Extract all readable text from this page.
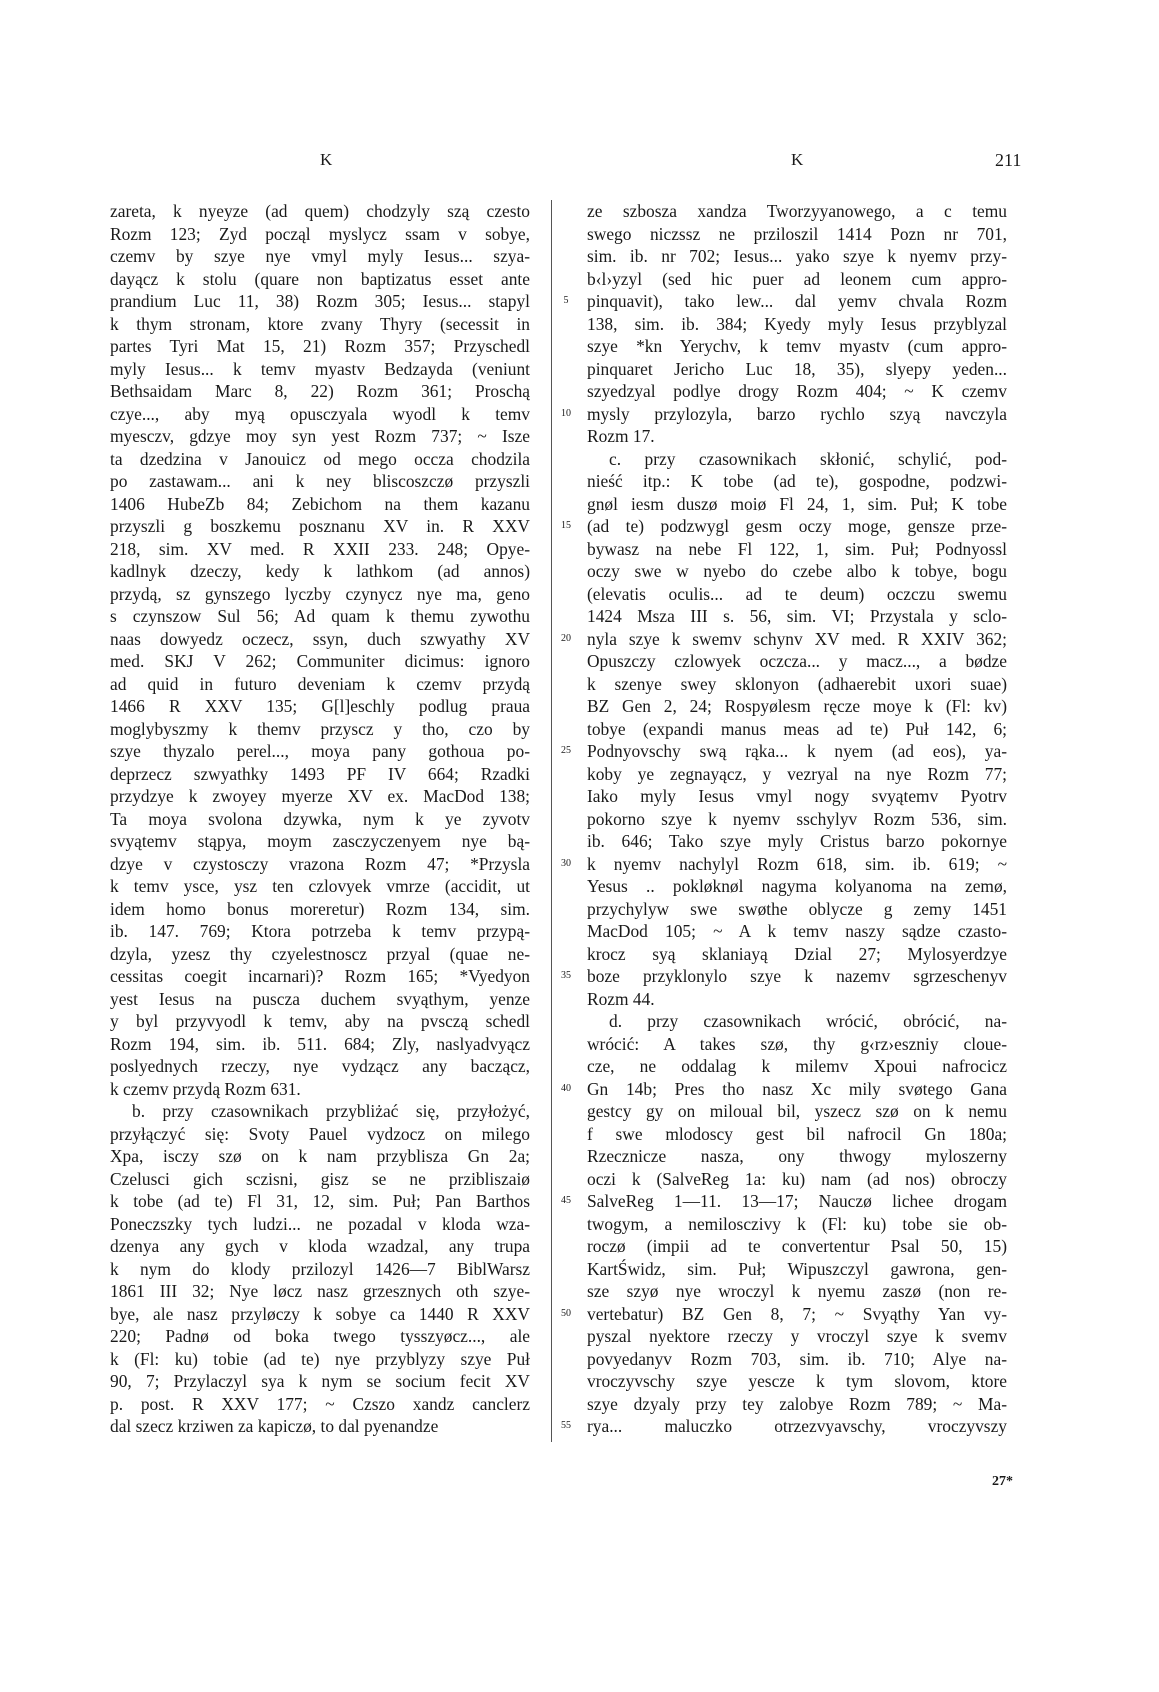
K	K	211
zareta, k nyeyze (ad quem) chodzyly szą czesto
Rozm 123; Zyd począl myslycz ssam v sobye,
czemv by szye nye vmyl myly Iesus... szya-
dayącz k stolu (quare non baptizatus esset ante
prandium Luc 11, 38) Rozm 305; Iesus... stapyl
k thym stronam, ktore zvany Thyry (secessit in
partes Tyri Mat 15, 21) Rozm 357; Przyschedl
myly Iesus... k temv myastv Bedzayda (veniunt
Bethsaidam Marc 8, 22) Rozm 361; Proschą
czye..., aby myą opusczyala wyodl k temv
myesczv, gdzye moy syn yest Rozm 737; ~ Isze
ta dzedzina v Janouicz od mego occza chodzila
po zastawam... ani k ney bliscoszczø przyszli
1406 HubeZb 84; Zebichom na them kazanu
przyszli g boszkemu posznanu XV in. R XXV
218, sim. XV med. R XXII 233. 248; Opye-
kadlnyk dzeczy, kedy k lathkom (ad annos)
przydą, sz gynszego lyczby czynycz nye ma, geno
s czynszow Sul 56; Ad quam k themu zywothu
naas dowyedz oczecz, ssyn, duch szwyathy XV
med. SKJ V 262; Communiter dicimus: ignoro
ad quid in futuro deveniam k czemv przydą
1466 R XXV 135; G[l]eschly podlug praua
moglybyszmy k themv przyscz y tho, czo by
szye thyzalo perel..., moya pany gothoua po-
deprzecz szwyathky 1493 PF IV 664; Rzadki
przydzye k zwoyey myerze XV ex. MacDod 138;
Ta moya svolona dzywka, nym k ye zyvotv
svyątemv stąpya, moym zasczyczenyem nye bą-
dzye v czystosczy vrazona Rozm 47; *Przysla
k temv ysce, ysz ten czlovyek vmrze (accidit, ut
idem homo bonus moreretur) Rozm 134, sim.
ib. 147. 769; Ktora potrzeba k temv przypą-
dzyla, yzesz thy czyelestnoscz przyal (quae ne-
cessitas coegit incarnari)? Rozm 165; *Vyedyon
yest Iesus na puscza duchem svyąthym, yenze
y byl przyvyodl k temv, aby na pvsczą schedl
Rozm 194, sim. ib. 511. 684; Zly, naslyadvyącz
poslyednych rzeczy, nye vydzącz any baczącz,
k czemv przydą Rozm 631.
b. przy czasownikach przybliżać się, przyłożyć,
przyłączyć się: Svoty Pauel vydzocz on milego
Xpa, isczy szø on k nam przyblisza Gn 2a;
Czelusci gich sczisni, gisz se ne przibliszaiø
k tobe (ad te) Fl 31, 12, sim. Puł; Pan Barthos
Poneczszky tych ludzi... ne pozadal v kloda wza-
dzenya any gych v kloda wzadzal, any trupa
k nym do klody przilozyl 1426—7 BiblWarsz
1861 III 32; Nye løcz nasz grzesznych oth szye-
bye, ale nasz przyløczy k sobye ca 1440 R XXV
220; Padnø od boka twego tysszyøcz..., ale
k (Fl: ku) tobie (ad te) nye przyblyzy szye Puł
90, 7; Przylaczyl sya k nym se socium fecit XV
p. post. R XXV 177; ~ Czszo xandz canclerz
dal szecz krziwen za kapiczø, to dal pyenandze
5
10
15
20
25
30
35
40
45
50
55
ze szbosza xandza Tworzyyanowego, a c temu
swego niczssz ne prziloszil 1414 Pozn nr 701,
sim. ib. nr 702; Iesus... yako szye k nyemv przy-
b‹l›yzyl (sed hic puer ad leonem cum appro-
pinquavit), tako lew... dal yemv chvala Rozm
138, sim. ib. 384; Kyedy myly Iesus przyblyzal
szye *kn Yerychv, k temv myastv (cum appro-
pinquaret Jericho Luc 18, 35), slyepy yeden...
szyedzyal podlye drogy Rozm 404; ~ K czemv
mysly przylozyla, barzo rychlo szyą navczyla
Rozm 17.
c. przy czasownikach skłonić, schylić, pod-
nieść itp.: K tobe (ad te), gospodne, podzwi-
gnøl iesm duszø moiø Fl 24, 1, sim. Puł; K tobe
(ad te) podzwygl gesm oczy moge, gensze prze-
bywasz na nebe Fl 122, 1, sim. Puł; Podnyossl
oczy swe w nyebo do czebe albo k tobye, bogu
(elevatis oculis... ad te deum) oczczu swemu
1424 Msza III s. 56, sim. VI; Przystala y sclo-
nyla szye k swemv schynv XV med. R XXIV 362;
Opuszczy czlowyek oczcza... y macz..., a bødze
k szenye swey sklonyon (adhaerebit uxori suae)
BZ Gen 2, 24; Rospyølesm ręcze moye k (Fl: kv)
tobye (expandi manus meas ad te) Puł 142, 6;
Podnyovschy swą rąka... k nyem (ad eos), ya-
koby ye zegnayącz, y vezryal na nye Rozm 77;
Iako myly Iesus vmyl nogy svyątemv Pyotrv
pokorno szye k nyemv sschylyv Rozm 536, sim.
ib. 646; Tako szye myly Cristus barzo pokornye
k nyemv nachylyl Rozm 618, sim. ib. 619; ~
Yesus .. pokløknøl nagyma kolyanoma na zemø,
przychylyw swe swøthe oblycze g zemy 1451
MacDod 105; ~ A k temv naszy sądze czasto-
krocz syą sklaniayą Dzial 27; Mylosyerdzye
boze przyklonylo szye k nazemv sgrzeschenyv
Rozm 44.
d. przy czasownikach wrócić, obrócić, na-
wrócić: A takes szø, thy g‹rz›eszniy cloue-
cze, ne oddalag k milemv Xpoui nafrocicz
Gn 14b; Pres tho nasz Xc mily svøtego Gana
gestcy gy on miloual bil, yszecz szø on k nemu
f swe mlodoscy gest bil nafrocil Gn 180a;
Rzecznicze nasza, ony thwogy myloszerny
oczi k (SalveReg 1a: ku) nam (ad nos) obroczy
SalveReg 1—11. 13—17; Nauczø lichee drogam
twogym, a nemilosczivy k (Fl: ku) tobe sie ob-
roczø (impii ad te convertentur Psal 50, 15)
KartŚwidz, sim. Puł; Wipuszczyl gawrona, gen-
sze szyø nye wroczyl k nyemu zaszø (non re-
vertebatur) BZ Gen 8, 7; ~ Svyąthy Yan vy-
pyszal nyektore rzeczy y vroczyl szye k svemv
povyedanyv Rozm 703, sim. ib. 710; Alye na-
vroczyvschy szye yescze k tym slovom, ktore
szye dzyaly przy tey zalobye Rozm 789; ~ Ma-
rya... maluczko otrzezvyavschy, vroczyvszy
27*
